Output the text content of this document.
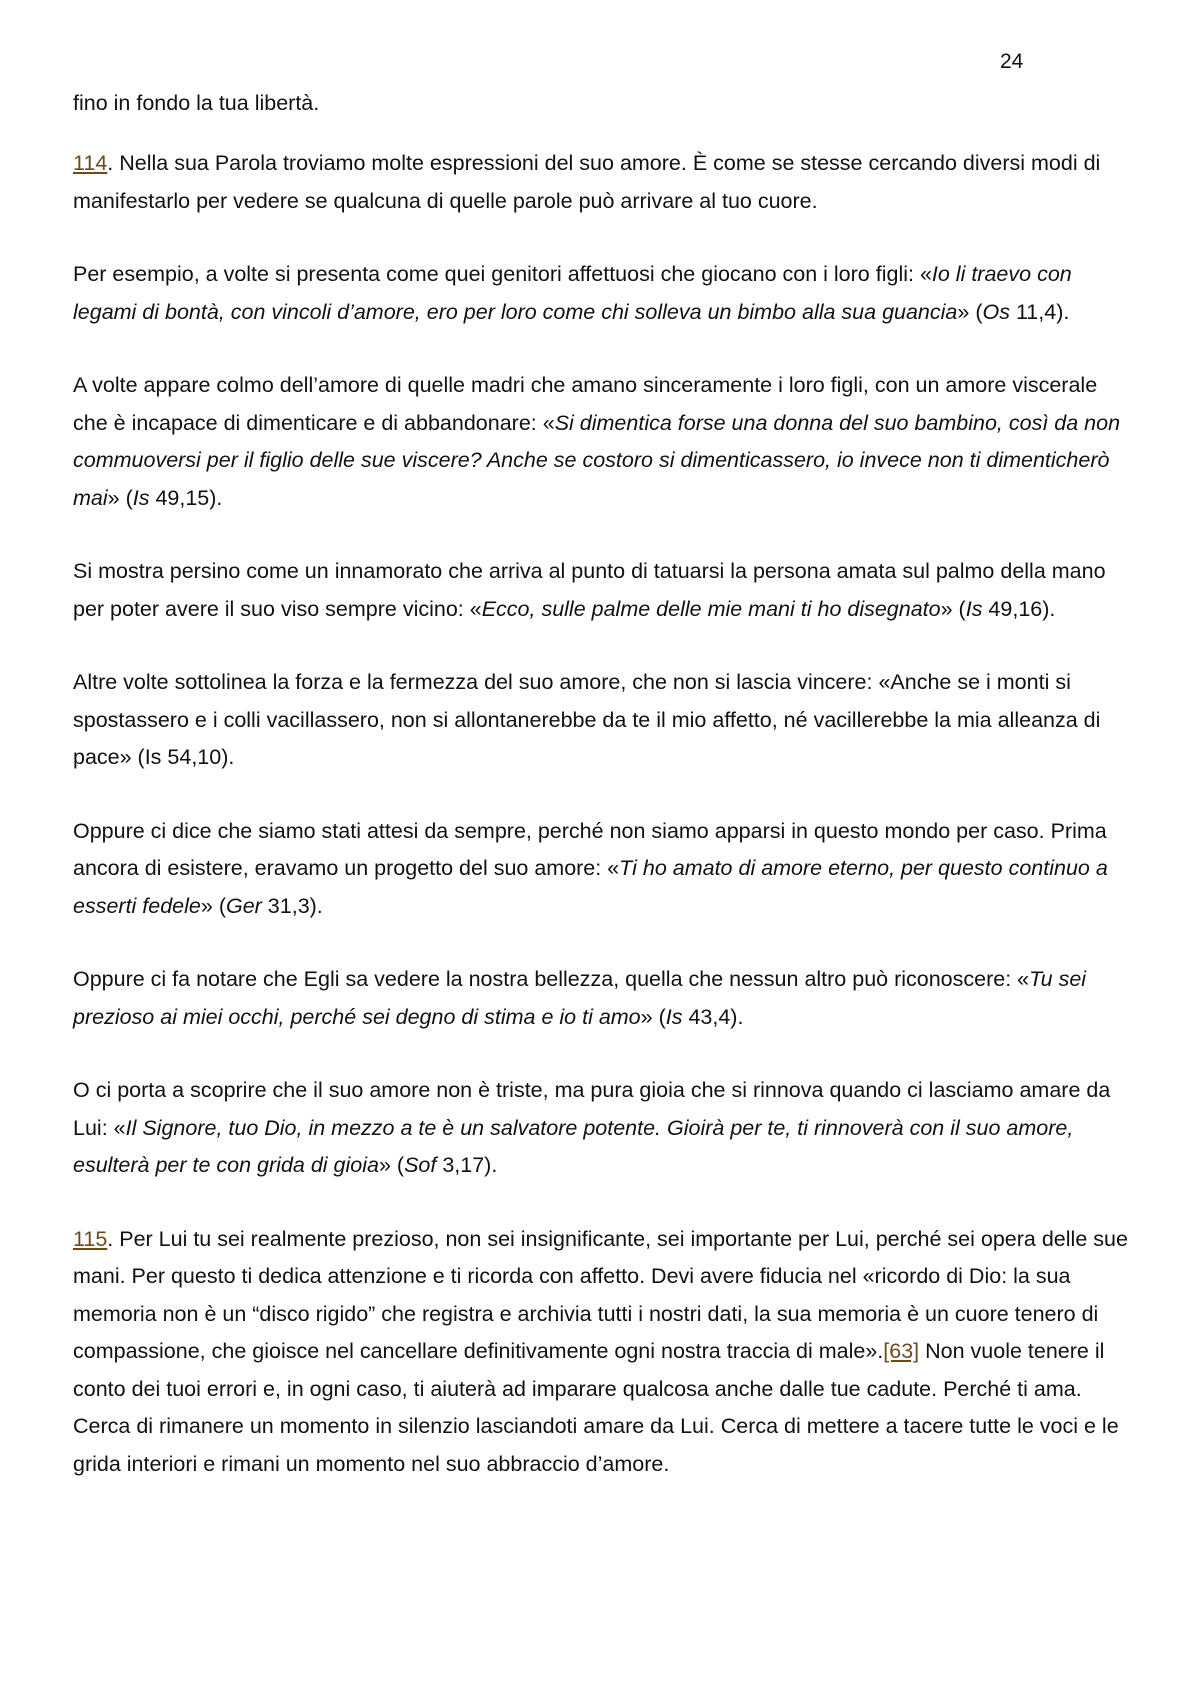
24
fino in fondo la tua libertà.

114. Nella sua Parola troviamo molte espressioni del suo amore. È come se stesse cercando diversi modi di manifestarlo per vedere se qualcuna di quelle parole può arrivare al tuo cuore.

Per esempio, a volte si presenta come quei genitori affettuosi che giocano con i loro figli: «Io li traevo con legami di bontà, con vincoli d’amore, ero per loro come chi solleva un bimbo alla sua guancia» (Os 11,4).

A volte appare colmo dell’amore di quelle madri che amano sinceramente i loro figli, con un amore viscerale che è incapace di dimenticare e di abbandonare: «Si dimentica forse una donna del suo bambino, così da non commuoversi per il figlio delle sue viscere? Anche se costoro si dimenticassero, io invece non ti dimenticherò mai» (Is 49,15).

Si mostra persino come un innamorato che arriva al punto di tatuarsi la persona amata sul palmo della mano per poter avere il suo viso sempre vicino: «Ecco, sulle palme delle mie mani ti ho disegnato» (Is 49,16).

Altre volte sottolinea la forza e la fermezza del suo amore, che non si lascia vincere: «Anche se i monti si spostassero e i colli vacillassero, non si allontanerebbe da te il mio affetto, né vacillerebbe la mia alleanza di pace» (Is 54,10).

Oppure ci dice che siamo stati attesi da sempre, perché non siamo apparsi in questo mondo per caso. Prima ancora di esistere, eravamo un progetto del suo amore: «Ti ho amato di amore eterno, per questo continuo a esserti fedele» (Ger 31,3).

Oppure ci fa notare che Egli sa vedere la nostra bellezza, quella che nessun altro può riconoscere: «Tu sei prezioso ai miei occhi, perché sei degno di stima e io ti amo» (Is 43,4).

O ci porta a scoprire che il suo amore non è triste, ma pura gioia che si rinnova quando ci lasciamo amare da Lui: «Il Signore, tuo Dio, in mezzo a te è un salvatore potente. Gioirà per te, ti rinnoverà con il suo amore, esulterà per te con grida di gioia» (Sof 3,17).

115. Per Lui tu sei realmente prezioso, non sei insignificante, sei importante per Lui, perché sei opera delle sue mani. Per questo ti dedica attenzione e ti ricorda con affetto. Devi avere fiducia nel «ricordo di Dio: la sua memoria non è un “disco rigido” che registra e archivia tutti i nostri dati, la sua memoria è un cuore tenero di compassione, che gioisce nel cancellare definitivamente ogni nostra traccia di male».[63] Non vuole tenere il conto dei tuoi errori e, in ogni caso, ti aiuterà ad imparare qualcosa anche dalle tue cadute. Perché ti ama. Cerca di rimanere un momento in silenzio lasciandoti amare da Lui. Cerca di mettere a tacere tutte le voci e le grida interiori e rimani un momento nel suo abbraccio d’amore.
